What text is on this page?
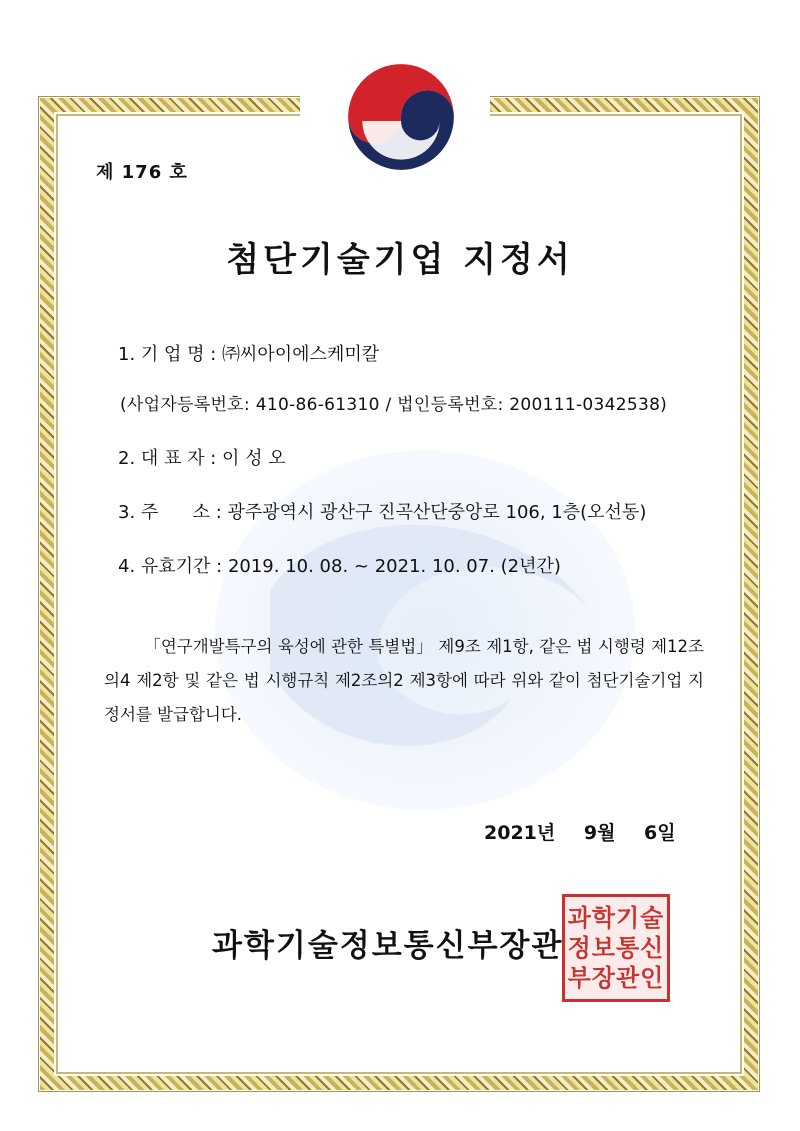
제 176 호
첨단기술기업 지정서
1. 기 업 명 : ㈜씨아이에스케미칼
(사업자등록번호: 410-86-61310 / 법인등록번호: 200111-0342538)
2. 대 표 자 : 이 성 오
3. 주      소 : 광주광역시 광산구 진곡산단중앙로 106, 1층(오선동)
4. 유효기간 : 2019. 10. 08. ~ 2021. 10. 07. (2년간)
「연구개발특구의 육성에 관한 특별법」 제9조 제1항, 같은 법 시행령 제12조의4 제2항 및 같은 법 시행규칙 제2조의2 제3항에 따라 위와 같이 첨단기술기업 지정서를 발급합니다.
2021년 9월 6일
과학기술정보통신부장관
과학기술
정보통신
부장관인
